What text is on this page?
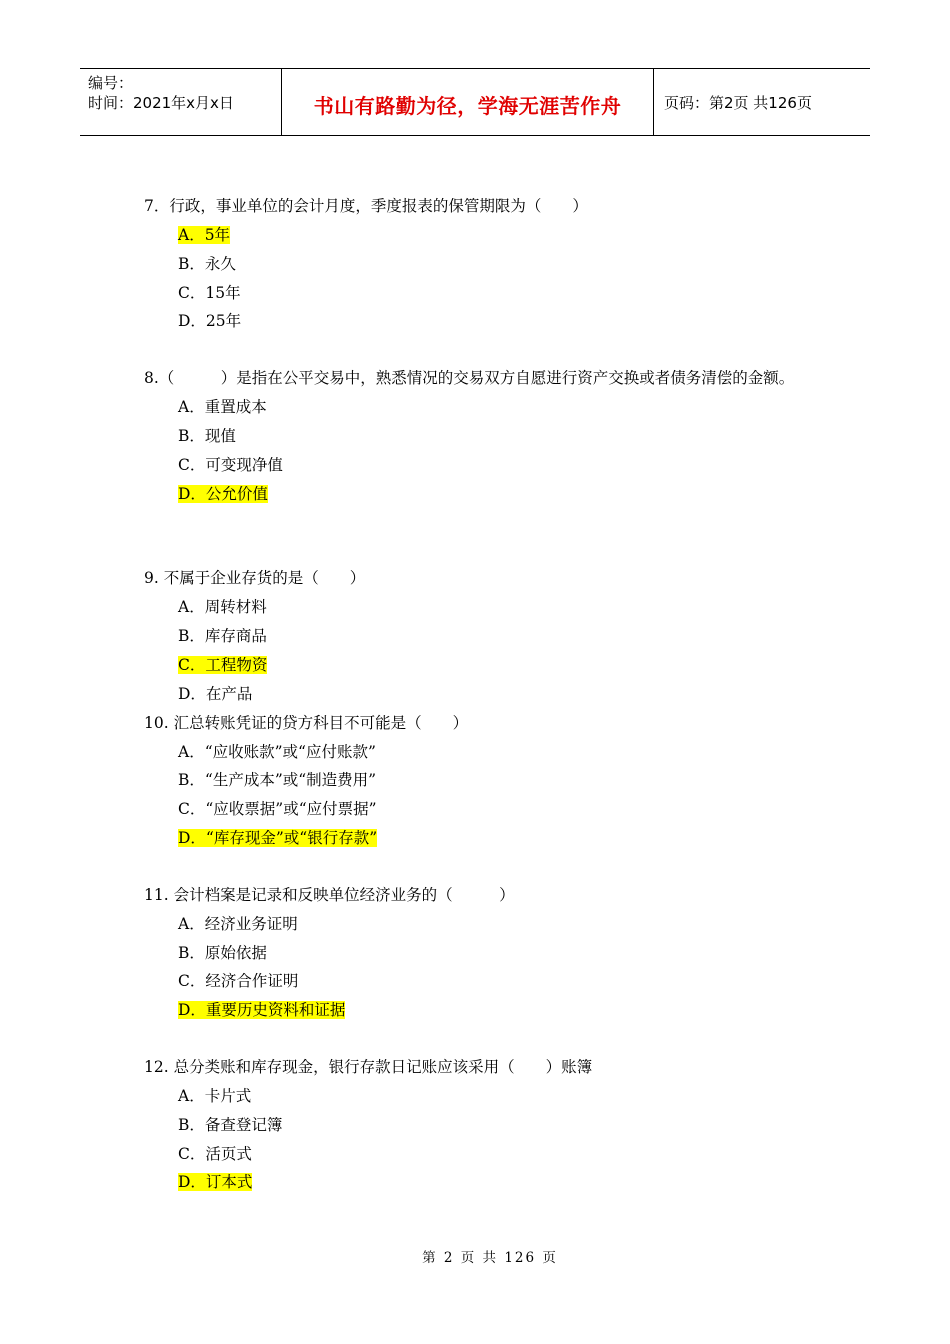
编号：
时间：2021年x月x日	书山有路勤为径，学海无涯苦作舟	页码：第2页 共126页
7．行政，事业单位的会计月度，季度报表的保管期限为（　　）
A．5年
B．永久
C．15年
D．25年
8.（　　　）是指在公平交易中，熟悉情况的交易双方自愿进行资产交换或者债务清偿的金额。
A．重置成本
B．现值
C．可变现净值
D．公允价值
9. 不属于企业存货的是（　　）
A．周转材料
B．库存商品
C．工程物资
D．在产品
10. 汇总转账凭证的贷方科目不可能是（　　）
A．“应收账款”或“应付账款”
B．“生产成本”或“制造费用”
C．“应收票据”或“应付票据”
D．“库存现金”或“银行存款”
11. 会计档案是记录和反映单位经济业务的（　　　）
A．经济业务证明
B．原始依据
C．经济合作证明
D．重要历史资料和证据
12. 总分类账和库存现金，银行存款日记账应该采用（　　）账簿
A．卡片式
B．备查登记簿
C．活页式
D．订本式
第 2 页 共 126 页
